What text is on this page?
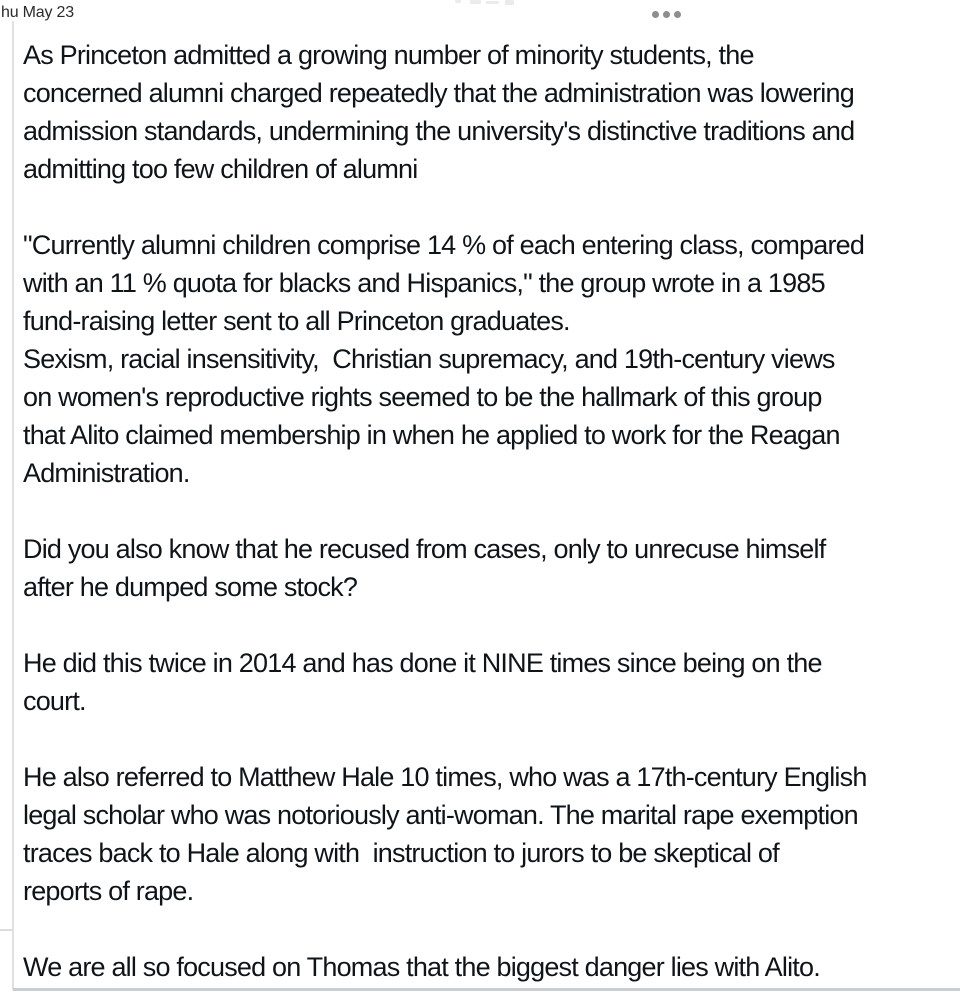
hu May 23
As Princeton admitted a growing number of minority students, the
concerned alumni charged repeatedly that the administration was lowering
admission standards, undermining the university's distinctive traditions and
admitting too few children of alumni
"Currently alumni children comprise 14 % of each entering class, compared
with an 11 % quota for blacks and Hispanics," the group wrote in a 1985
fund-raising letter sent to all Princeton graduates.
Sexism, racial insensitivity,  Christian supremacy, and 19th-century views
on women's reproductive rights seemed to be the hallmark of this group
that Alito claimed membership in when he applied to work for the Reagan
Administration.
Did you also know that he recused from cases, only to unrecuse himself
after he dumped some stock?
He did this twice in 2014 and has done it NINE times since being on the
court.
He also referred to Matthew Hale 10 times, who was a 17th-century English
legal scholar who was notoriously anti-woman. The marital rape exemption
traces back to Hale along with  instruction to jurors to be skeptical of
reports of rape.
We are all so focused on Thomas that the biggest danger lies with Alito.
